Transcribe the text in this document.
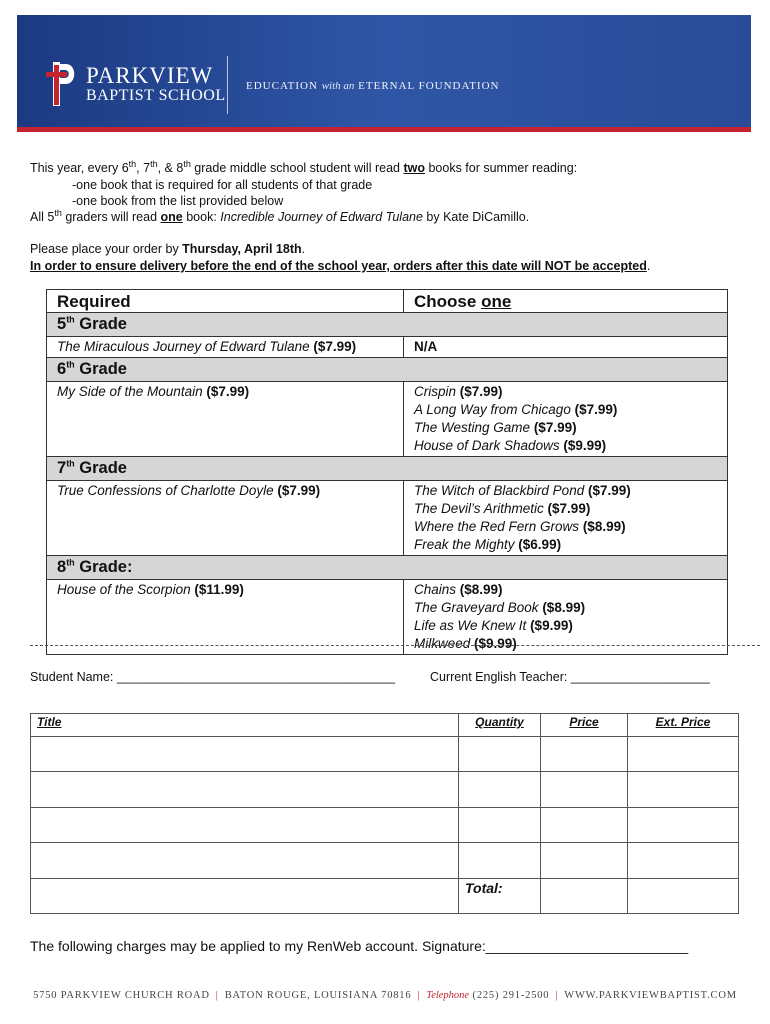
PARKVIEW
BAPTIST SCHOOL
EDUCATION with an ETERNAL FOUNDATION
This year, every 6th, 7th, & 8th grade middle school student will read two books for summer reading:
-one book that is required for all students of that grade
-one book from the list provided below
All 5th graders will read one book: Incredible Journey of Edward Tulane by Kate DiCamillo.
Please place your order by Thursday, April 18th.
In order to ensure delivery before the end of the school year, orders after this date will NOT be accepted.
Required	Choose one
5th Grade	

The Miraculous Journey of Edward Tulane ($7.99)	N/A

6th Grade	

My Side of the Mountain ($7.99)	Crispin ($7.99)
A Long Way from Chicago ($7.99)
The Westing Game ($7.99)
House of Dark Shadows ($9.99)

7th Grade	

True Confessions of Charlotte Doyle ($7.99)	The Witch of Blackbird Pond ($7.99)
The Devil’s Arithmetic ($7.99)
Where the Red Fern Grows ($8.99)
Freak the Mighty ($6.99)

8th Grade:	

House of the Scorpion ($11.99)	Chains ($8.99)
The Graveyard Book ($8.99)
Life as We Knew It ($9.99)
Milkweed ($9.99)
Student Name: ________________________________________	Current English Teacher: ____________________
Title	Quantity	Price	Ext. Price

	Total:		
The following charges may be applied to my RenWeb account. Signature:__________________________
5750 PARKVIEW CHURCH ROAD | BATON ROUGE, LOUISIANA 70816 | Telephone (225) 291-2500 | WWW.PARKVIEWBAPTIST.COM
